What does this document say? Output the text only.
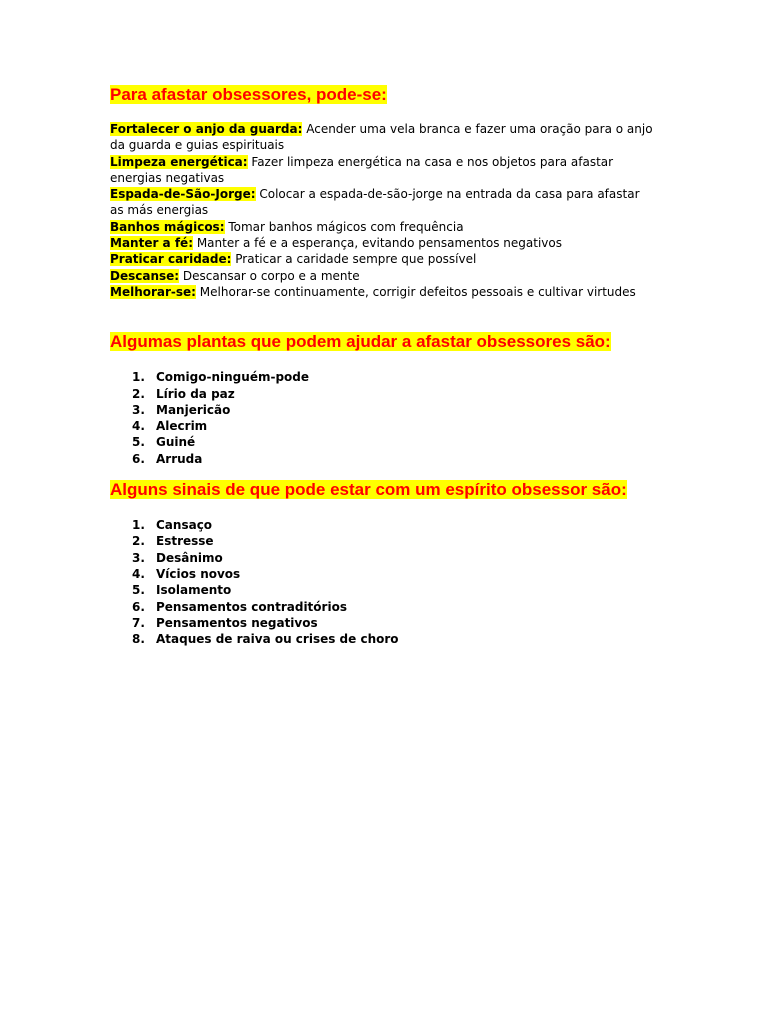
Para afastar obsessores, pode-se:

Fortalecer o anjo da guarda: Acender uma vela branca e fazer uma oração para o anjo da guarda e guias espirituais

Limpeza energética: Fazer limpeza energética na casa e nos objetos para afastar energias negativas

Espada-de-São-Jorge: Colocar a espada-de-são-jorge na entrada da casa para afastar as más energias

Banhos mágicos: Tomar banhos mágicos com frequência

Manter a fé: Manter a fé e a esperança, evitando pensamentos negativos

Praticar caridade: Praticar a caridade sempre que possível

Descanse: Descansar o corpo e a mente

Melhorar-se: Melhorar-se continuamente, corrigir defeitos pessoais e cultivar virtudes

Algumas plantas que podem ajudar a afastar obsessores são:
1. Comigo-ninguém-pode
2. Lírio da paz
3. Manjericão
4. Alecrim
5. Guiné
6. Arruda
Alguns sinais de que pode estar com um espírito obsessor são:
1. Cansaço
2. Estresse
3. Desânimo
4. Vícios novos
5. Isolamento
6. Pensamentos contraditórios
7. Pensamentos negativos
8. Ataques de raiva ou crises de choro
